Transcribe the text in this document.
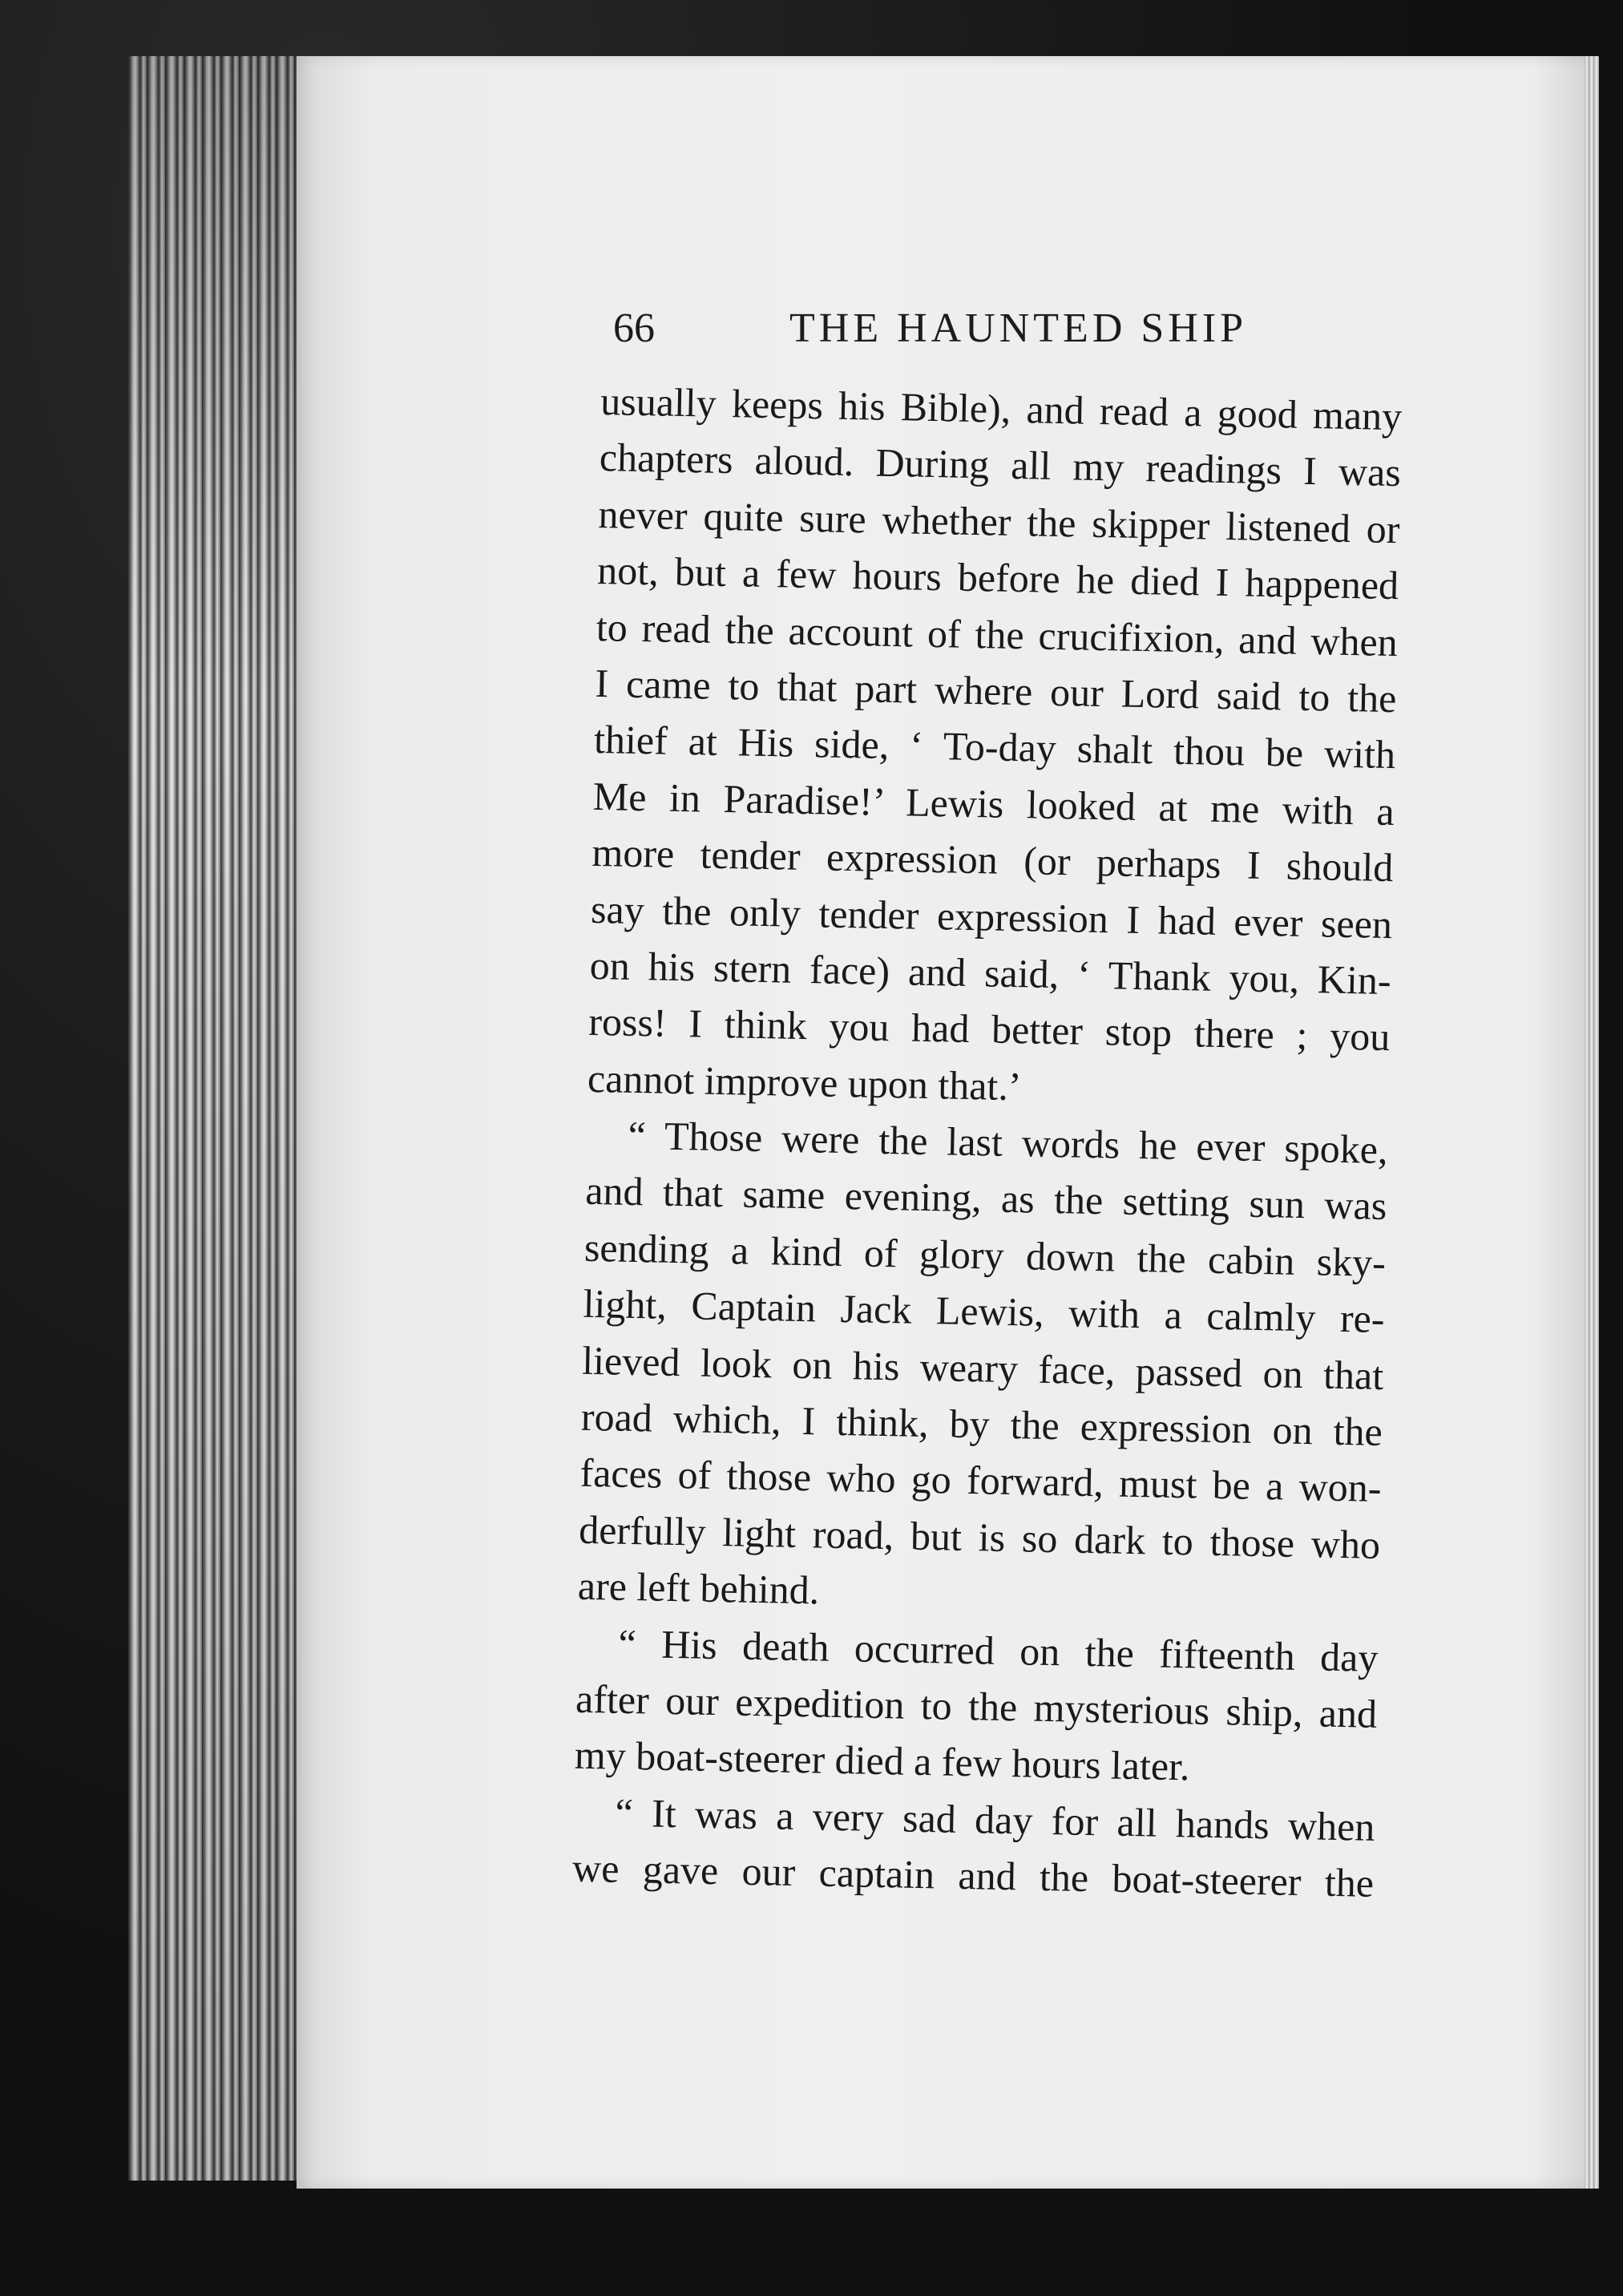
66	THE HAUNTED SHIP
usually keeps his Bible), and read a good many
chapters aloud. During all my readings I was
never quite sure whether the skipper listened or
not, but a few hours before he died I happened
to read the account of the crucifixion, and when
I came to that part where our Lord said to the
thief at His side, ‘ To-day shalt thou be with
Me in Paradise!’ Lewis looked at me with a
more tender expression (or perhaps I should
say the only tender expression I had ever seen
on his stern face) and said, ‘ Thank you, Kin-
ross! I think you had better stop there ; you
cannot improve upon that.’
“ Those were the last words he ever spoke,
and that same evening, as the setting sun was
sending a kind of glory down the cabin sky-
light, Captain Jack Lewis, with a calmly re-
lieved look on his weary face, passed on that
road which, I think, by the expression on the
faces of those who go forward, must be a won-
derfully light road, but is so dark to those who
are left behind.
“ His death occurred on the fifteenth day
after our expedition to the mysterious ship, and
my boat-steerer died a few hours later.
“ It was a very sad day for all hands when
we gave our captain and the boat-steerer the
